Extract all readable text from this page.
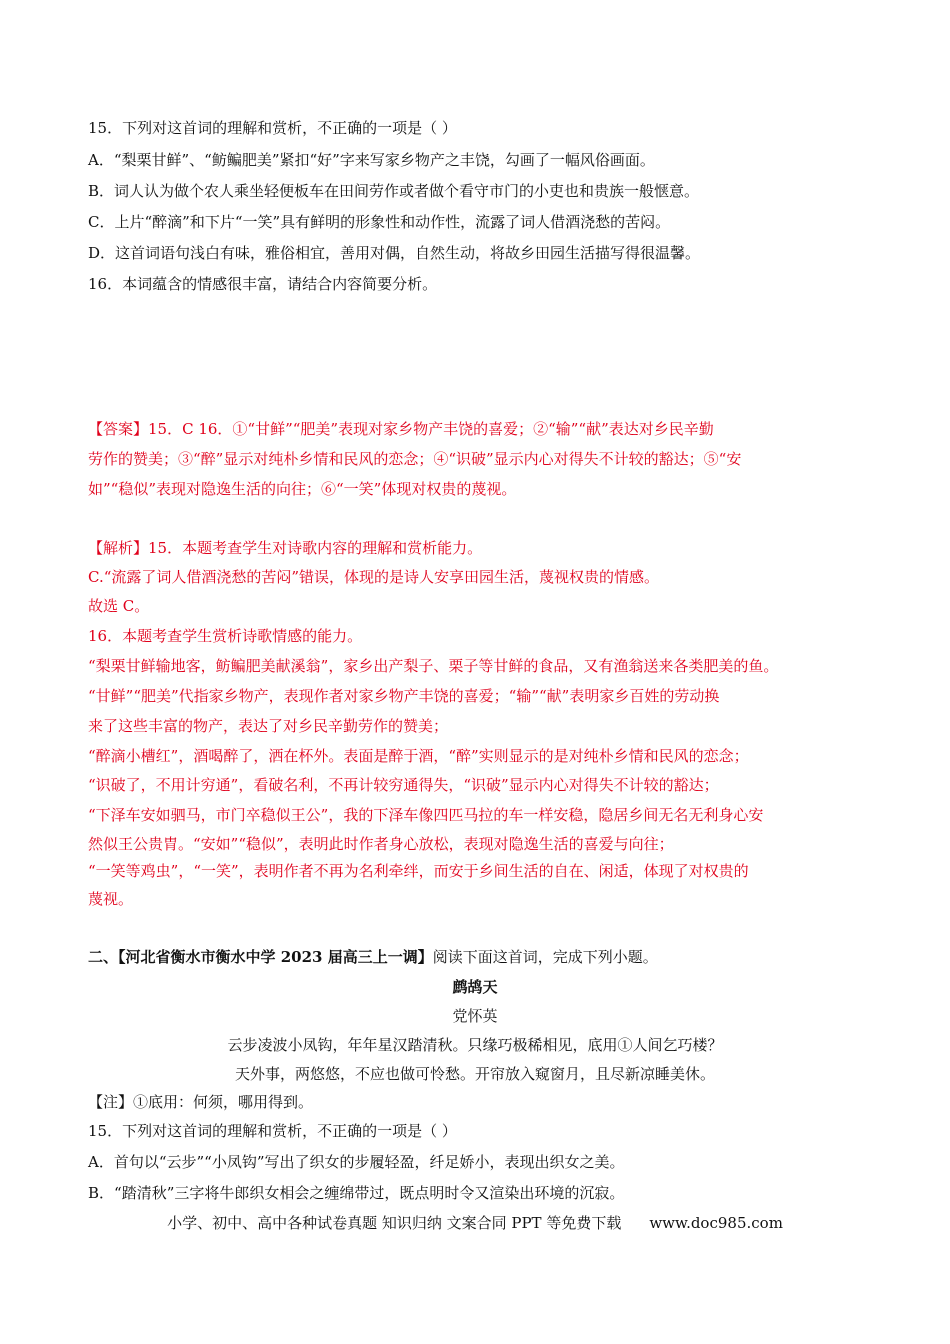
15．下列对这首词的理解和赏析，不正确的一项是（ ）
A．“梨栗甘鲜”、“鲂鳊肥美”紧扣“好”字来写家乡物产之丰饶，勾画了一幅风俗画面。
B．词人认为做个农人乘坐轻便板车在田间劳作或者做个看守市门的小吏也和贵族一般惬意。
C．上片“醉滴”和下片“一笑”具有鲜明的形象性和动作性，流露了词人借酒浇愁的苦闷。
D．这首词语句浅白有味，雅俗相宜，善用对偶，自然生动，将故乡田园生活描写得很温馨。
16．本词蕴含的情感很丰富，请结合内容简要分析。
【答案】15．C 16．①“甘鲜”“肥美”表现对家乡物产丰饶的喜爱；②“输”“献”表达对乡民辛勤
劳作的赞美；③“醉”显示对纯朴乡情和民风的恋念；④“识破”显示内心对得失不计较的豁达；⑤“安
如”“稳似”表现对隐逸生活的向往；⑥“一笑”体现对权贵的蔑视。
【解析】15．本题考查学生对诗歌内容的理解和赏析能力。
C.“流露了词人借酒浇愁的苦闷”错误，体现的是诗人安享田园生活，蔑视权贵的情感。
故选 C。
16．本题考查学生赏析诗歌情感的能力。
“梨栗甘鲜输地客，鲂鳊肥美献溪翁”，家乡出产梨子、栗子等甘鲜的食品，又有渔翁送来各类肥美的鱼。
“甘鲜”“肥美”代指家乡物产，表现作者对家乡物产丰饶的喜爱；“输”“献”表明家乡百姓的劳动换
来了这些丰富的物产，表达了对乡民辛勤劳作的赞美；
“醉滴小槽红”，酒喝醉了，洒在杯外。表面是醉于酒，“醉”实则显示的是对纯朴乡情和民风的恋念；
“识破了，不用计穷通”，看破名利，不再计较穷通得失，“识破”显示内心对得失不计较的豁达；
“下泽车安如驷马，市门卒稳似王公”，我的下泽车像四匹马拉的车一样安稳，隐居乡间无名无利身心安
然似王公贵胄。“安如”“稳似”，表明此时作者身心放松，表现对隐逸生活的喜爱与向往；
“一笑等鸡虫”，“一笑”，表明作者不再为名利牵绊，而安于乡间生活的自在、闲适，体现了对权贵的
蔑视。
二、【河北省衡水市衡水中学 2023 届高三上一调】阅读下面这首词，完成下列小题。
鹧鸪天
党怀英
云步凌波小凤钩，年年星汉踏清秋。只缘巧极稀相见，底用①人间乞巧楼？
天外事，两悠悠，不应也做可怜愁。开帘放入窥窗月，且尽新凉睡美休。
【注】①底用：何须，哪用得到。
15．下列对这首词的理解和赏析，不正确的一项是（ ）
A．首句以“云步”“小凤钩”写出了织女的步履轻盈，纤足娇小，表现出织女之美。
B．“踏清秋”三字将牛郎织女相会之缠绵带过，既点明时令又渲染出环境的沉寂。
小学、初中、高中各种试卷真题 知识归纳 文案合同 PPT 等免费下载 www.doc985.com
